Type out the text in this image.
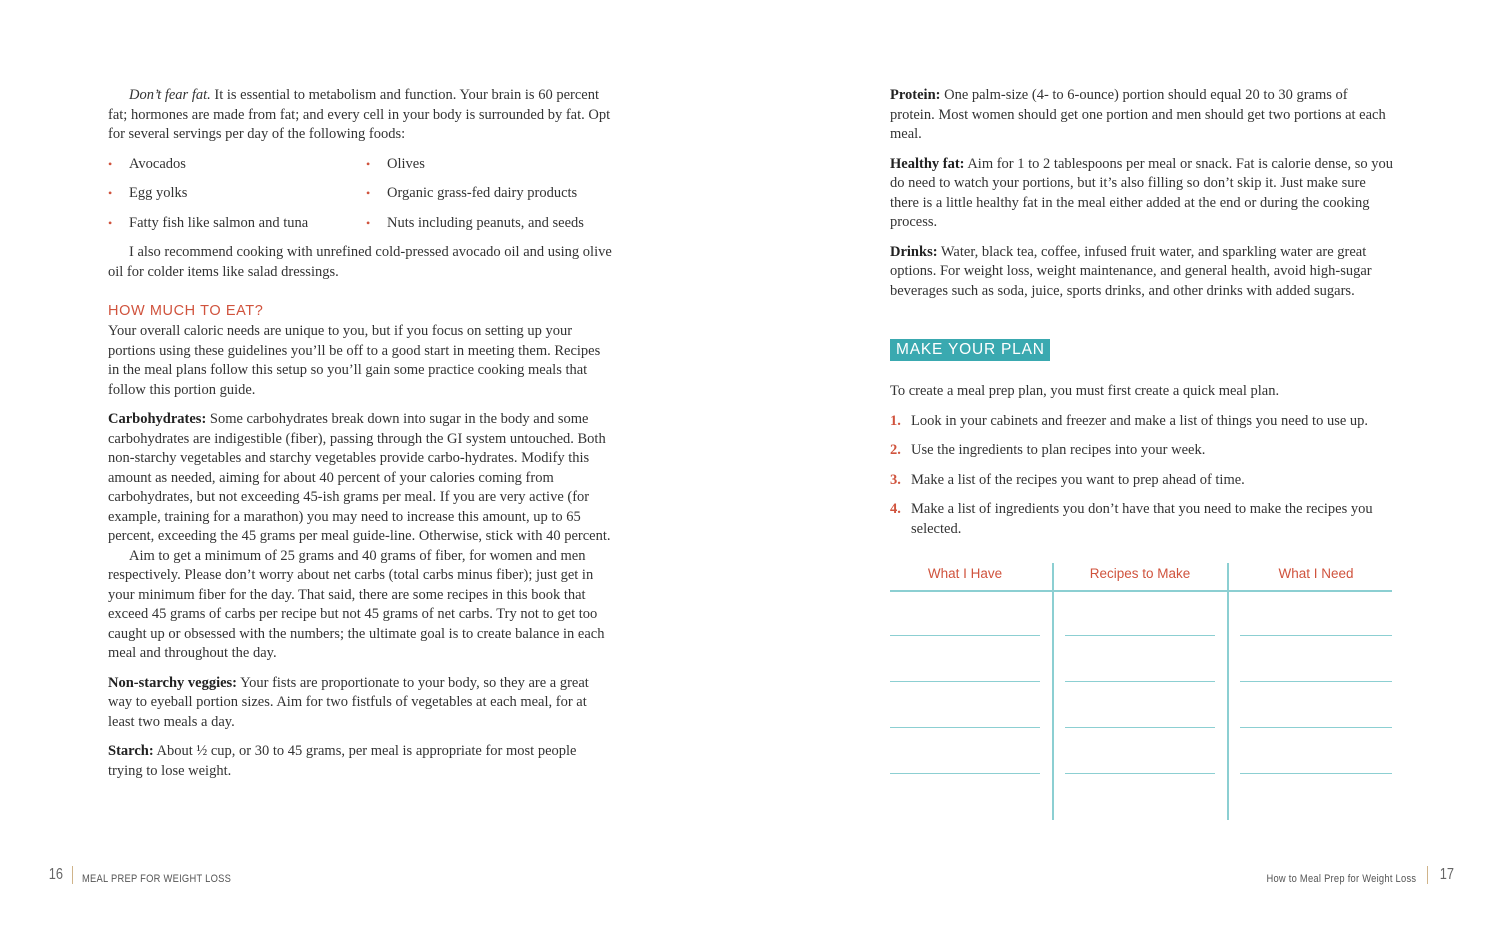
Don’t fear fat. It is essential to metabolism and function. Your brain is 60 percent fat; hormones are made from fat; and every cell in your body is surrounded by fat. Opt for several servings per day of the following foods:

• Avocados	• Olives
• Egg yolks	• Organic grass-fed dairy products
• Fatty fish like salmon and tuna	• Nuts including peanuts, and seeds

I also recommend cooking with unrefined cold-pressed avocado oil and using olive oil for colder items like salad dressings.

HOW MUCH TO EAT?

Your overall caloric needs are unique to you, but if you focus on setting up your portions using these guidelines you’ll be off to a good start in meeting them. Recipes in the meal plans follow this setup so you’ll gain some practice cooking meals that follow this portion guide.

Carbohydrates: Some carbohydrates break down into sugar in the body and some carbohydrates are indigestible (fiber), passing through the GI system untouched. Both non-starchy vegetables and starchy vegetables provide carbo-hydrates. Modify this amount as needed, aiming for about 40 percent of your calories coming from carbohydrates, but not exceeding 45-ish grams per meal. If you are very active (for example, training for a marathon) you may need to increase this amount, up to 65 percent, exceeding the 45 grams per meal guide-line. Otherwise, stick with 40 percent.

Aim to get a minimum of 25 grams and 40 grams of fiber, for women and men respectively. Please don’t worry about net carbs (total carbs minus fiber); just get in your minimum fiber for the day. That said, there are some recipes in this book that exceed 45 grams of carbs per recipe but not 45 grams of net carbs. Try not to get too caught up or obsessed with the numbers; the ultimate goal is to create balance in each meal and throughout the day.

Non-starchy veggies: Your fists are proportionate to your body, so they are a great way to eyeball portion sizes. Aim for two fistfuls of vegetables at each meal, for at least two meals a day.

Starch: About ½ cup, or 30 to 45 grams, per meal is appropriate for most people trying to lose weight.

16 MEAL PREP FOR WEIGHT LOSS

Protein: One palm-size (4- to 6-ounce) portion should equal 20 to 30 grams of protein. Most women should get one portion and men should get two portions at each meal.

Healthy fat: Aim for 1 to 2 tablespoons per meal or snack. Fat is calorie dense, so you do need to watch your portions, but it’s also filling so don’t skip it. Just make sure there is a little healthy fat in the meal either added at the end or during the cooking process.

Drinks: Water, black tea, coffee, infused fruit water, and sparkling water are great options. For weight loss, weight maintenance, and general health, avoid high-sugar beverages such as soda, juice, sports drinks, and other drinks with added sugars.

MAKE YOUR PLAN

To create a meal prep plan, you must first create a quick meal plan.

1. Look in your cabinets and freezer and make a list of things you need to use up.
2. Use the ingredients to plan recipes into your week.
3. Make a list of the recipes you want to prep ahead of time.
4. Make a list of ingredients you don’t have that you need to make the recipes you selected.
What I Have	Recipes to Make	What I Need
How to Meal Prep for Weight Loss 17
